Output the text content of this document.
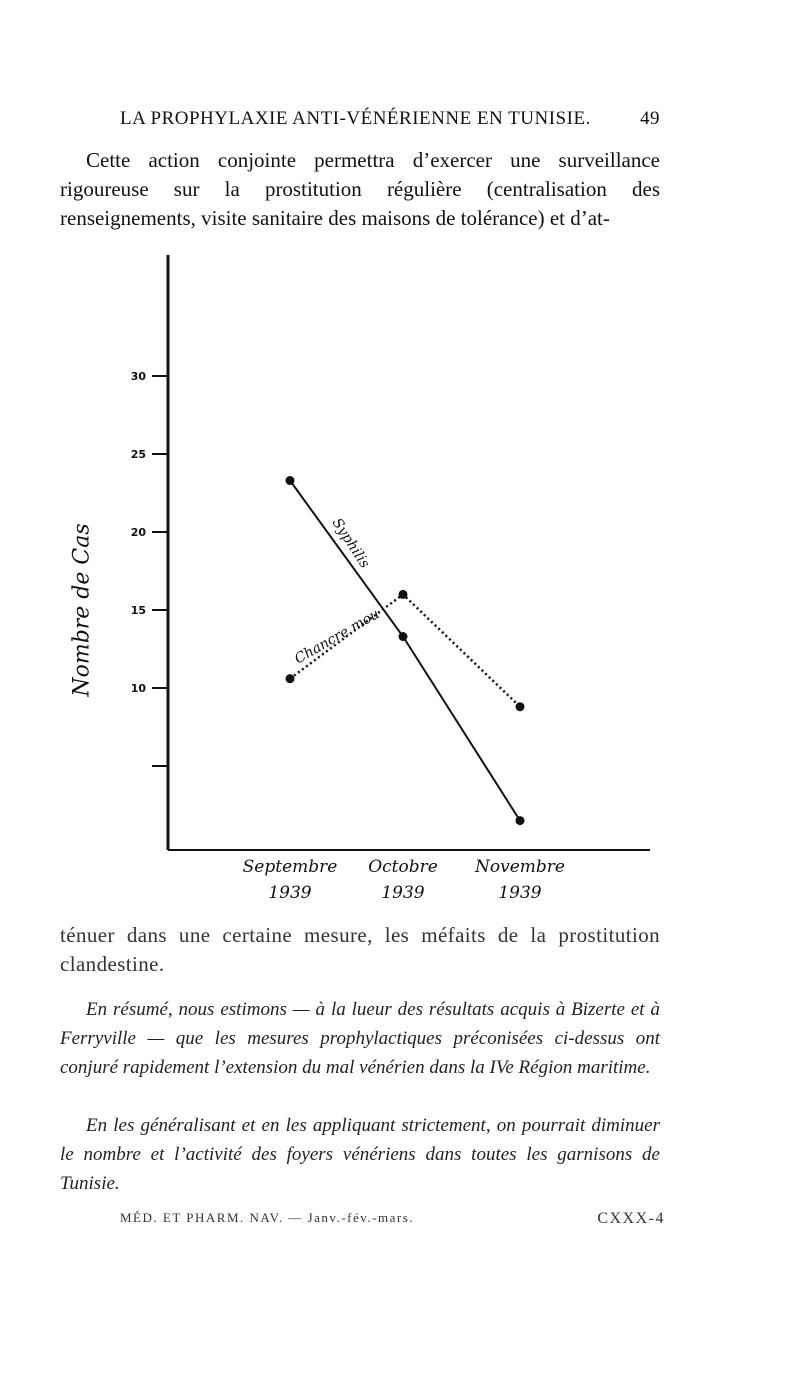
LA PROPHYLAXIE ANTI-VÉNÉRIENNE EN TUNISIE.	49

Cette action conjointe permettra d’exercer une surveillance rigoureuse sur la prostitution régulière (centralisation des renseignements, visite sanitaire des maisons de tolérance) et d’at-

30
25
20
15
10
Septembre
1939
Octobre
1939
Novembre
1939
Syphilis
Chancre mou
Nombre de Cas

ténuer dans une certaine mesure, les méfaits de la prostitution clandestine.

En résumé, nous estimons — à la lueur des résultats acquis à Bizerte et à Ferryville — que les mesures prophylactiques préconisées ci-dessus ont conjuré rapidement l’extension du mal vénérien dans la IVe Région maritime.

En les généralisant et en les appliquant strictement, on pourrait diminuer le nombre et l’activité des foyers vénériens dans toutes les garnisons de Tunisie.

MÉD. ET PHARM. NAV. — Janv.-fév.-mars.	CXXX-4
